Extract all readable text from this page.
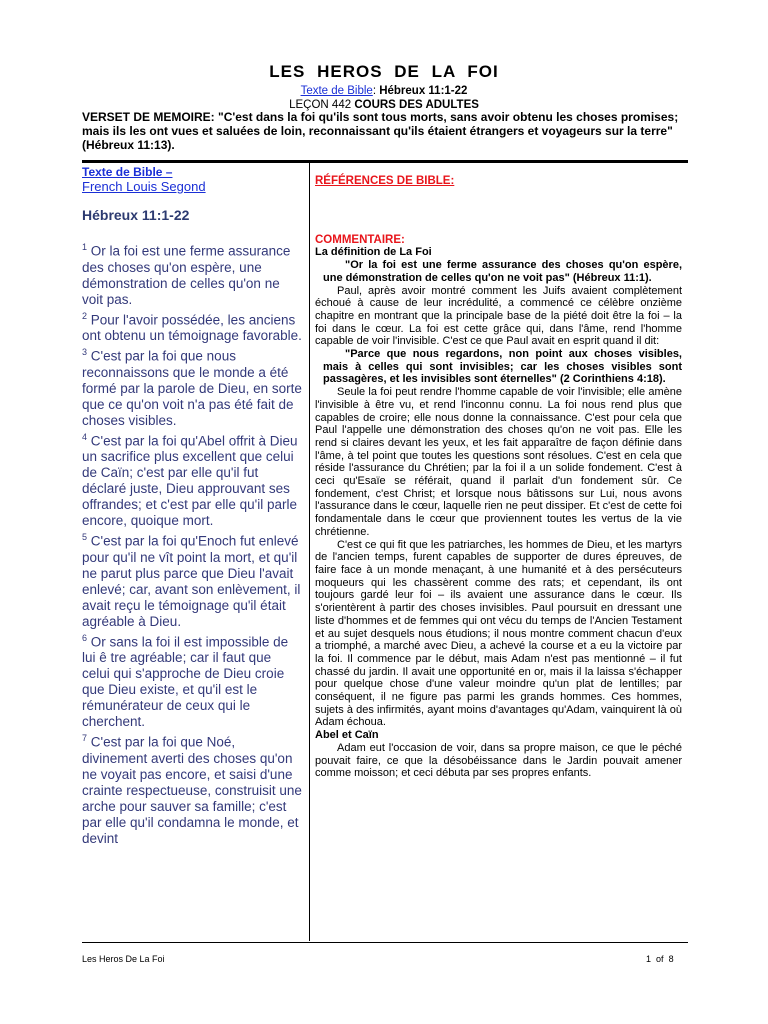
LES HEROS DE LA FOI
Texte de Bible: Hébreux 11:1-22
LEÇON 442 COURS DES ADULTES
VERSET DE MEMOIRE: "C'est dans la foi qu'ils sont tous morts, sans avoir obtenu les choses promises; mais ils les ont vues et saluées de loin, reconnaissant qu'ils étaient étrangers et voyageurs sur la terre" (Hébreux 11:13).
Texte de Bible –
French Louis Segond
Hébreux 11:1-22

$^1$ Or la foi est une ferme assurance des choses qu'on espère, une démonstration de celles qu'on ne voit pas.

$^2$ Pour l'avoir possédée, les anciens ont obtenu un témoignage favorable.

$^3$ C'est par la foi que nous reconnaissons que le monde a été formé par la parole de Dieu, en sorte que ce qu'on voit n'a pas été fait de choses visibles.

$^4$ C'est par la foi qu'Abel offrit à Dieu un sacrifice plus excellent que celui de Caïn; c'est par elle qu'il fut déclaré juste, Dieu approuvant ses offrandes; et c'est par elle qu'il parle encore, quoique mort.

$^5$ C'est par la foi qu'Enoch fut enlevé pour qu'il ne vît point la mort, et qu'il ne parut plus parce que Dieu l'avait enlevé; car, avant son enlèvement, il avait reçu le témoignage qu'il était agréable à Dieu.

$^6$ Or sans la foi il est impossible de lui ê tre agréable; car il faut que celui qui s'approche de Dieu croie que Dieu existe, et qu'il est le rémunérateur de ceux qui le cherchent.

$^7$ C'est par la foi que Noé, divinement averti des choses qu'on ne voyait pas encore, et saisi d'une crainte respectueuse, construisit une arche pour sauver sa famille; c'est par elle qu'il condamna le monde, et devint

RÉFÉRENCES DE BIBLE:
COMMENTAIRE:
La définition de La Foi
"Or la foi est une ferme assurance des choses qu'on espère, une démonstration de celles qu'on ne voit pas" (Hébreux 11:1).

Paul, après avoir montré comment les Juifs avaient complètement échoué à cause de leur incrédulité, a commencé ce célèbre onzième chapitre en montrant que la principale base de la piété doit être la foi – la foi dans le cœur. La foi est cette grâce qui, dans l'âme, rend l'homme capable de voir l'invisible. C'est ce que Paul avait en esprit quand il dit:

"Parce que nous regardons, non point aux choses visibles, mais à celles qui sont invisibles; car les choses visibles sont passagères, et les invisibles sont éternelles" (2 Corinthiens 4:18).

Seule la foi peut rendre l'homme capable de voir l'invisible; elle amène l'invisible à être vu, et rend l'inconnu connu. La foi nous rend plus que capables de croire; elle nous donne la connaissance. C'est pour cela que Paul l'appelle une démonstration des choses qu'on ne voit pas. Elle les rend si claires devant les yeux, et les fait apparaître de façon définie dans l'âme, à tel point que toutes les questions sont résolues. C'est en cela que réside l'assurance du Chrétien; par la foi il a un solide fondement. C'est à ceci qu'Esaïe se référait, quand il parlait d'un fondement sûr. Ce fondement, c'est Christ; et lorsque nous bâtissons sur Lui, nous avons l'assurance dans le cœur, laquelle rien ne peut dissiper. Et c'est de cette foi fondamentale dans le cœur que proviennent toutes les vertus de la vie chrétienne.

C'est ce qui fit que les patriarches, les hommes de Dieu, et les martyrs de l'ancien temps, furent capables de supporter de dures épreuves, de faire face à un monde menaçant, à une humanité et à des persécuteurs moqueurs qui les chassèrent comme des rats; et cependant, ils ont toujours gardé leur foi – ils avaient une assurance dans le cœur. Ils s'orientèrent à partir des choses invisibles. Paul poursuit en dressant une liste d'hommes et de femmes qui ont vécu du temps de l'Ancien Testament et au sujet desquels nous étudions; il nous montre comment chacun d'eux a triomphé, a marché avec Dieu, a achevé la course et a eu la victoire par la foi. Il commence par le début, mais Adam n'est pas mentionné – il fut chassé du jardin. Il avait une opportunité en or, mais il la laissa s'échapper pour quelque chose d'une valeur moindre qu'un plat de lentilles; par conséquent, il ne figure pas parmi les grands hommes. Ces hommes, sujets à des infirmités, ayant moins d'avantages qu'Adam, vainquirent là où Adam échoua.

Abel et Caïn

Adam eut l'occasion de voir, dans sa propre maison, ce que le péché pouvait faire, ce que la désobéissance dans le Jardin pouvait amener comme moisson; et ceci débuta par ses propres enfants.

Les Heros De La Foi	1 of 8
